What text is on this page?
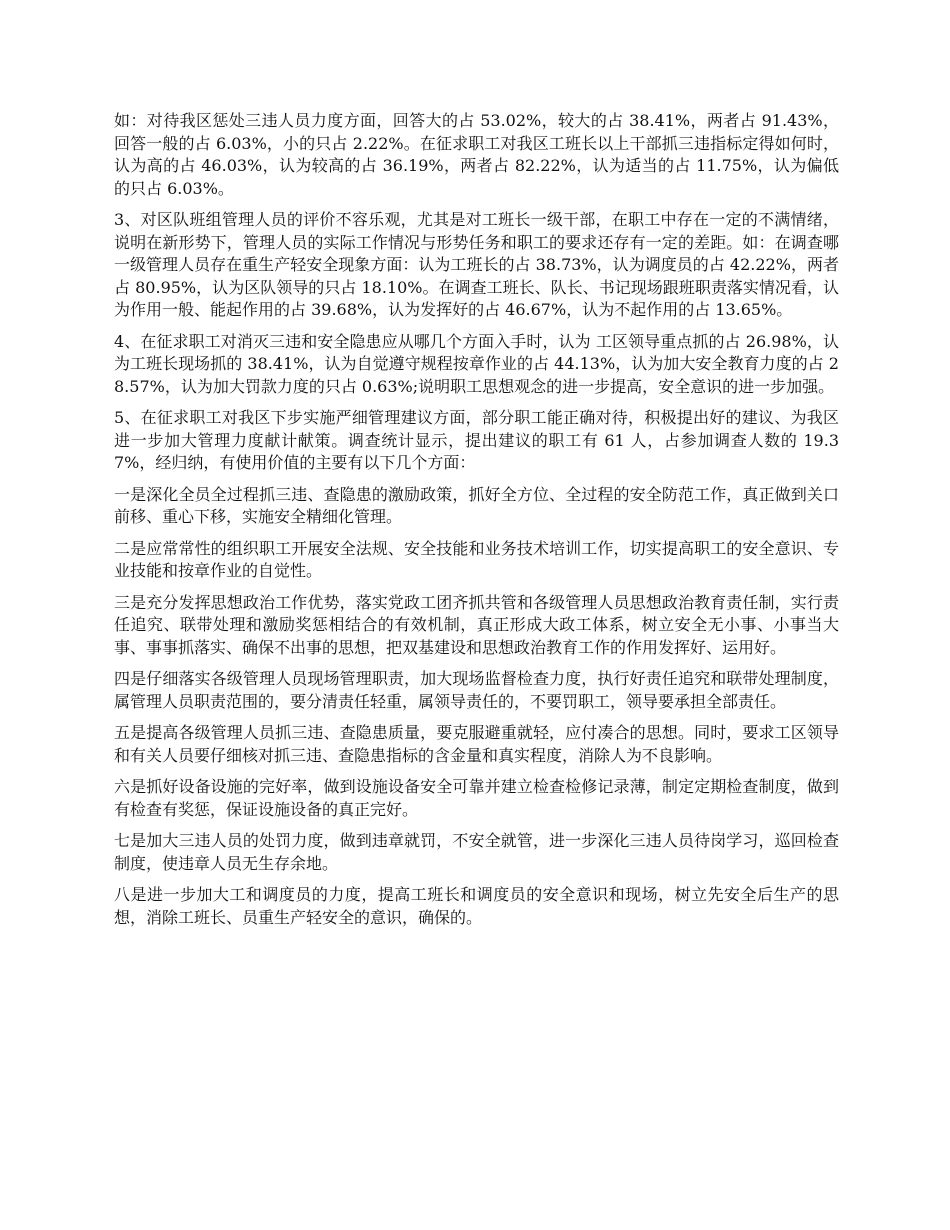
如：对待我区惩处三违人员力度方面，回答大的占 53.02%，较大的占 38.41%，两者占 91.43%，回答一般的占 6.03%，小的只占 2.22%。在征求职工对我区工班长以上干部抓三违指标定得如何时，认为高的占 46.03%，认为较高的占 36.19%，两者占 82.22%，认为适当的占 11.75%，认为偏低的只占 6.03%。

3、对区队班组管理人员的评价不容乐观，尤其是对工班长一级干部，在职工中存在一定的不满情绪，说明在新形势下，管理人员的实际工作情况与形势任务和职工的要求还存有一定的差距。如：在调查哪一级管理人员存在重生产轻安全现象方面：认为工班长的占 38.73%，认为调度员的占 42.22%，两者占 80.95%，认为区队领导的只占 18.10%。在调查工班长、队长、书记现场跟班职责落实情况看，认为作用一般、能起作用的占 39.68%，认为发挥好的占 46.67%，认为不起作用的占 13.65%。

4、在征求职工对消灭三违和安全隐患应从哪几个方面入手时，认为 工区领导重点抓的占 26.98%，认为工班长现场抓的 38.41%，认为自觉遵守规程按章作业的占 44.13%，认为加大安全教育力度的占 28.57%，认为加大罚款力度的只占 0.63%;说明职工思想观念的进一步提高，安全意识的进一步加强。

5、在征求职工对我区下步实施严细管理建议方面，部分职工能正确对待，积极提出好的建议、为我区进一步加大管理力度献计献策。调查统计显示，提出建议的职工有 61 人，占参加调查人数的 19.37%，经归纳，有使用价值的主要有以下几个方面：

一是深化全员全过程抓三违、查隐患的激励政策，抓好全方位、全过程的安全防范工作，真正做到关口前移、重心下移，实施安全精细化管理。

二是应常常性的组织职工开展安全法规、安全技能和业务技术培训工作，切实提高职工的安全意识、专业技能和按章作业的自觉性。

三是充分发挥思想政治工作优势，落实党政工团齐抓共管和各级管理人员思想政治教育责任制，实行责任追究、联带处理和激励奖惩相结合的有效机制，真正形成大政工体系，树立安全无小事、小事当大事、事事抓落实、确保不出事的思想，把双基建设和思想政治教育工作的作用发挥好、运用好。

四是仔细落实各级管理人员现场管理职责，加大现场监督检查力度，执行好责任追究和联带处理制度，属管理人员职责范围的，要分清责任轻重，属领导责任的，不要罚职工，领导要承担全部责任。

五是提高各级管理人员抓三违、查隐患质量，要克服避重就轻，应付凑合的思想。同时，要求工区领导和有关人员要仔细核对抓三违、查隐患指标的含金量和真实程度，消除人为不良影响。

六是抓好设备设施的完好率，做到设施设备安全可靠并建立检查检修记录薄，制定定期检查制度，做到有检查有奖惩，保证设施设备的真正完好。

七是加大三违人员的处罚力度，做到违章就罚，不安全就管，进一步深化三违人员待岗学习，巡回检查制度，使违章人员无生存余地。

八是进一步加大工和调度员的力度，提高工班长和调度员的安全意识和现场，树立先安全后生产的思想，消除工班长、员重生产轻安全的意识，确保的。
